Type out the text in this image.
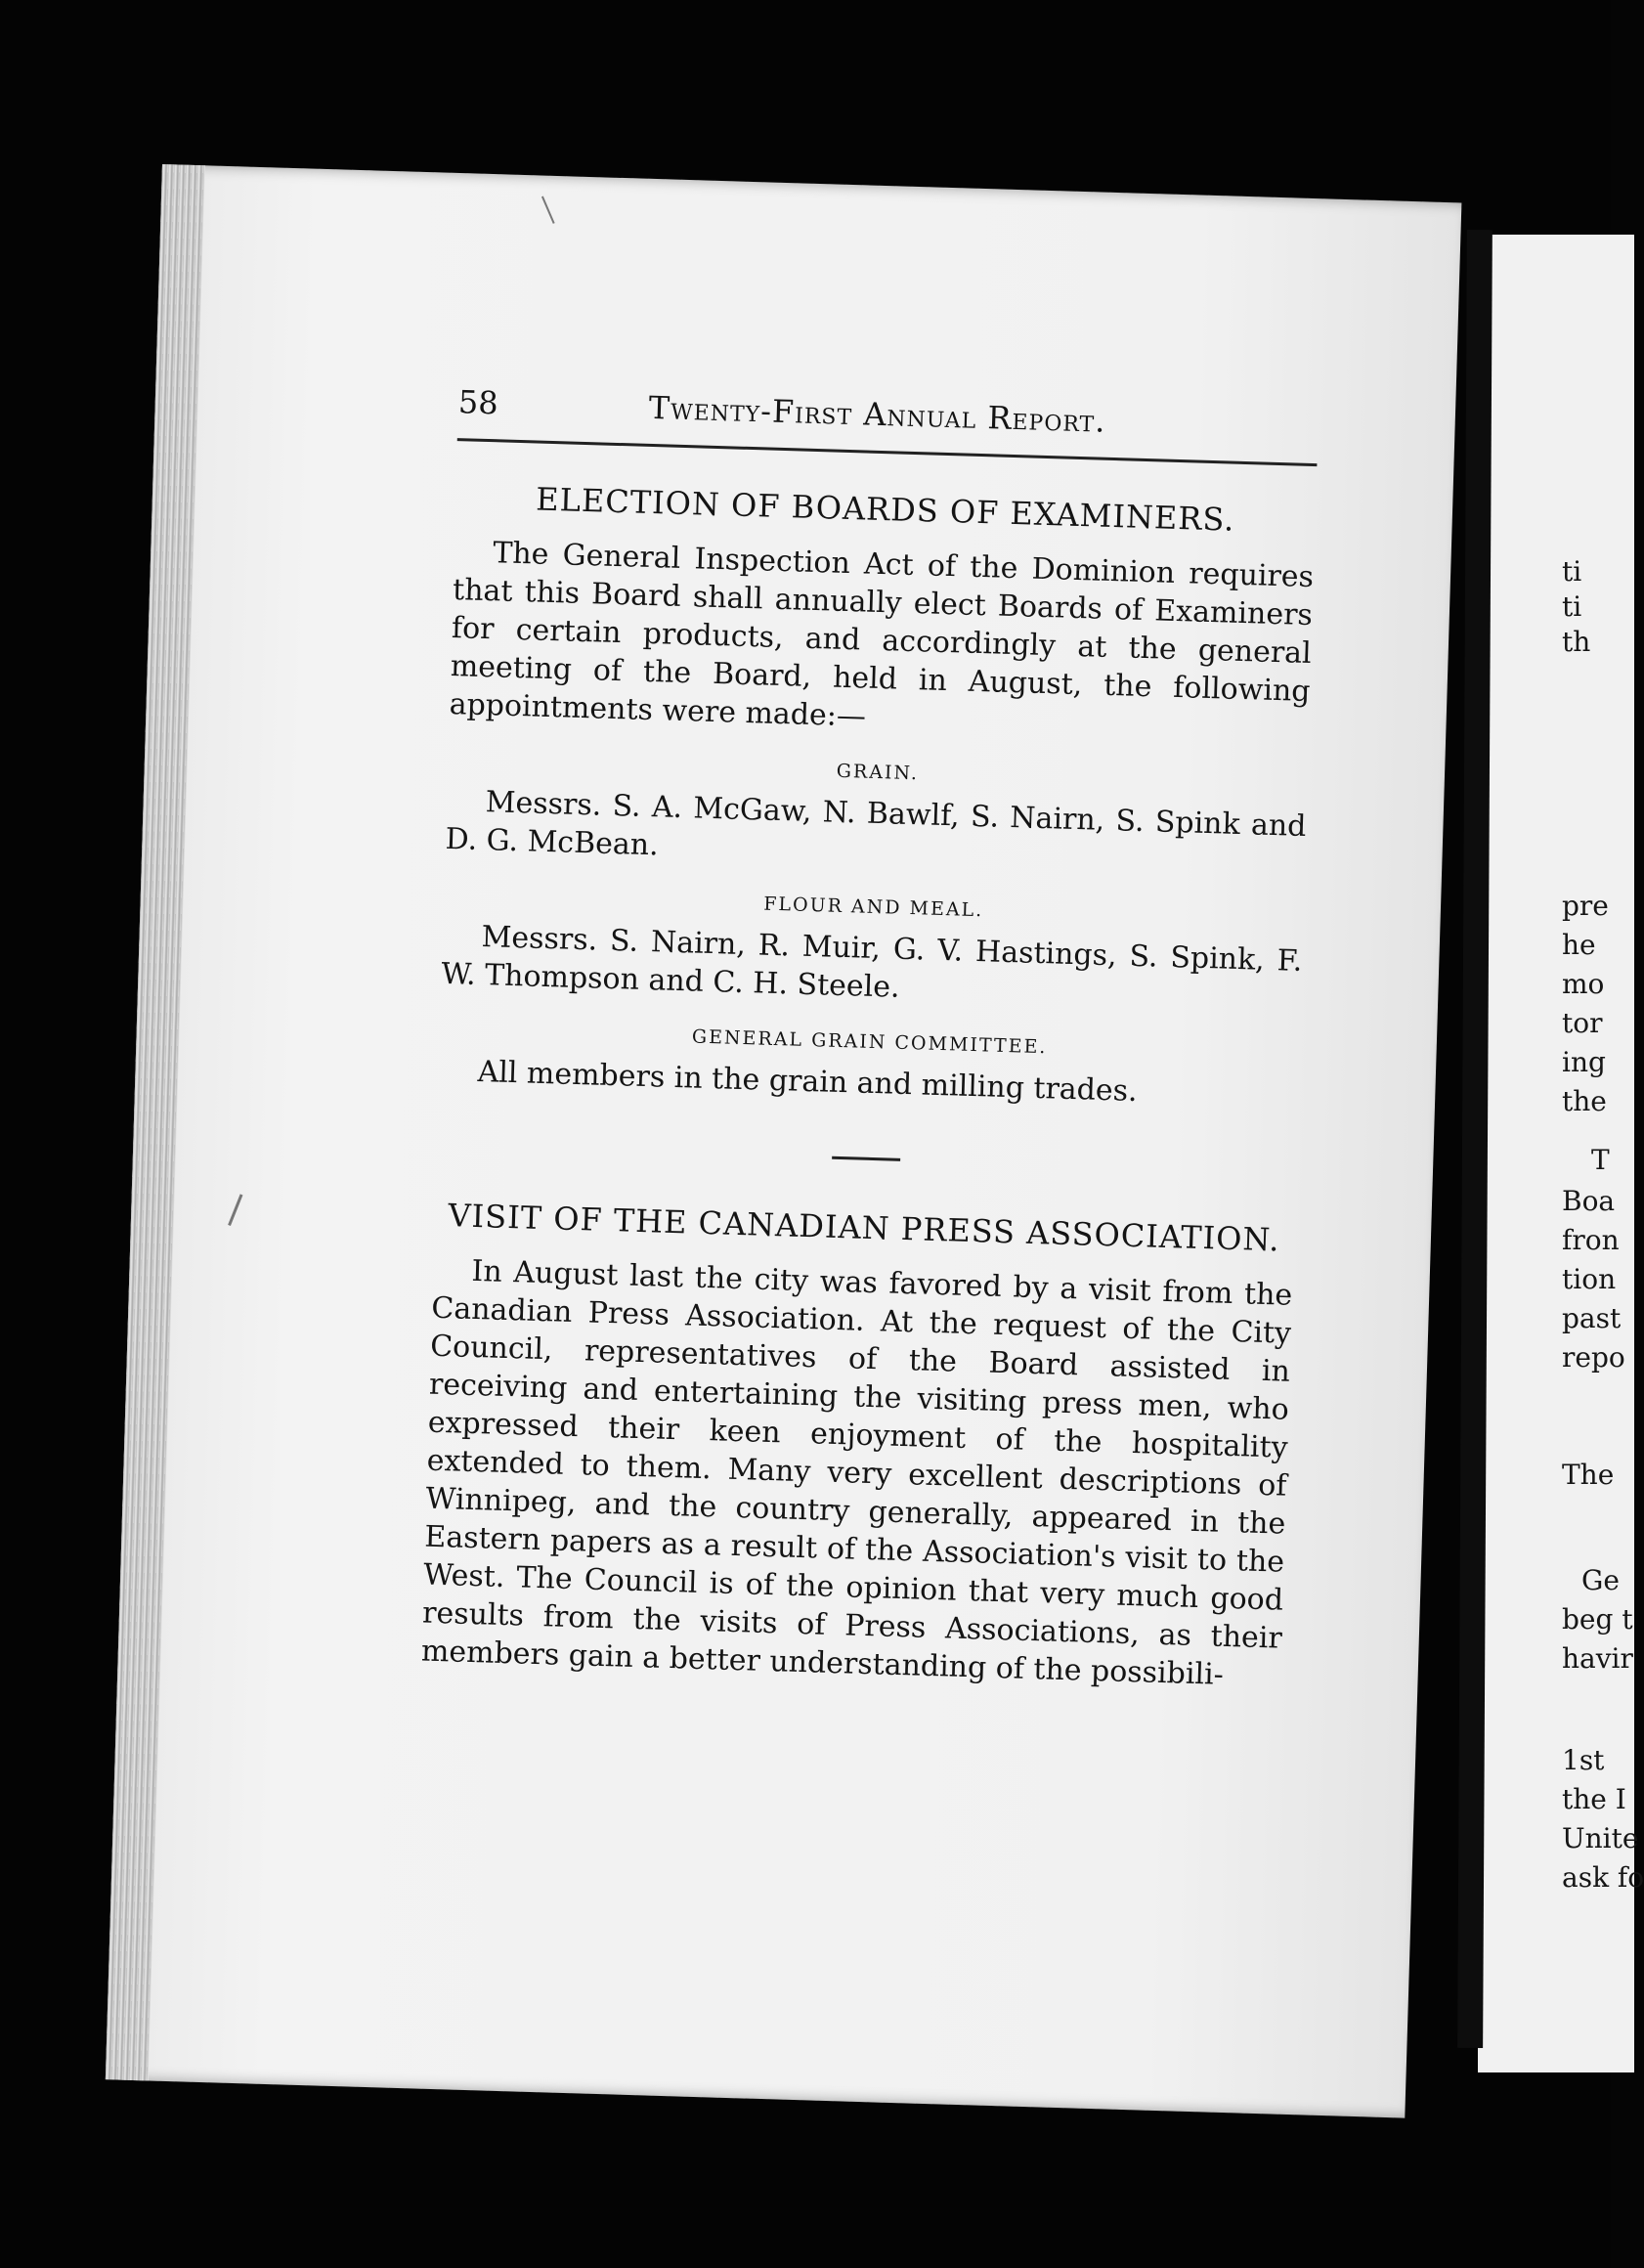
ti
ti
th
pre
he
mo
tor
ing
the
T
Boa
fron
tion
past
repo
The
Ge
beg t
havir
1st
the I
Unite
ask fo
58	Twenty-First Annual Report.
ELECTION OF BOARDS OF EXAMINERS.

The General Inspection Act of the Dominion requires that this Board shall annually elect Boards of Examiners for certain products, and accordingly at the general meeting of the Board, held in August, the following appointments were made:—

GRAIN.

Messrs. S. A. McGaw, N. Bawlf, S. Nairn, S. Spink and D. G. McBean.

FLOUR AND MEAL.

Messrs. S. Nairn, R. Muir, G. V. Hastings, S. Spink, F. W. Thompson and C. H. Steele.

GENERAL GRAIN COMMITTEE.

All members in the grain and milling trades.

VISIT OF THE CANADIAN PRESS ASSOCIATION.

In August last the city was favored by a visit from the Canadian Press Association. At the request of the City Council, representatives of the Board assisted in receiving and entertaining the visiting press men, who expressed their keen enjoyment of the hospitality extended to them. Many very excellent descriptions of Winnipeg, and the country generally, appeared in the Eastern papers as a result of the Association's visit to the West. The Council is of the opinion that very much good results from the visits of Press Associations, as their members gain a better understanding of the possibili-
